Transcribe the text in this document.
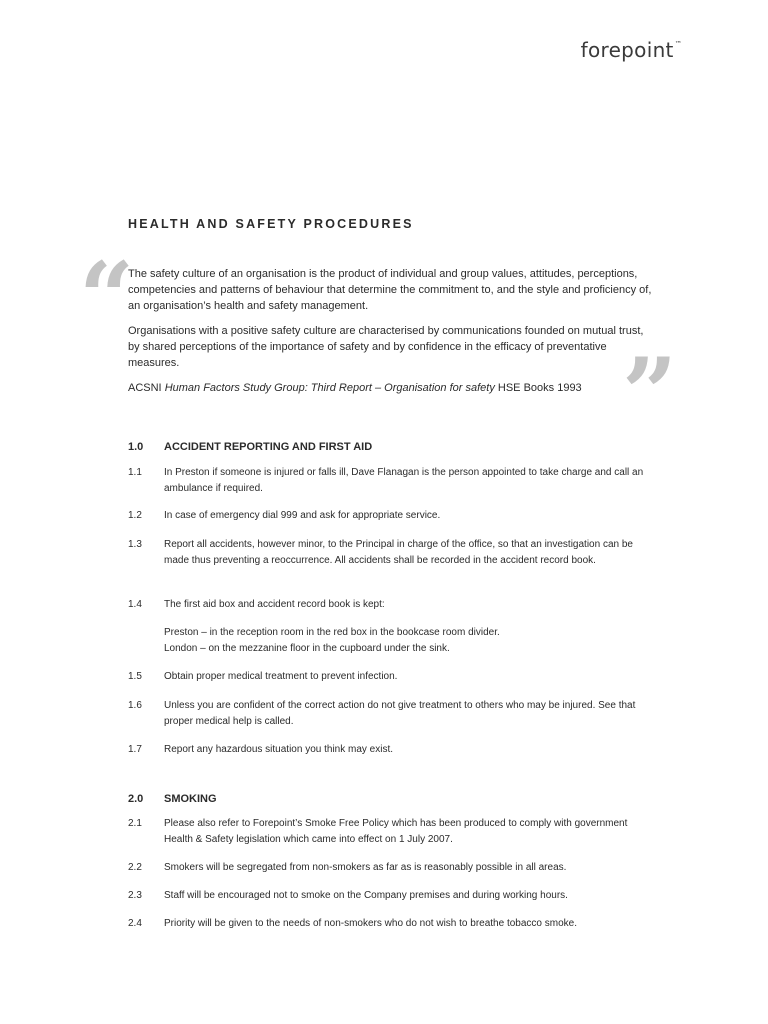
forepoint™
HEALTH AND SAFETY PROCEDURES
“
”

The safety culture of an organisation is the product of individual and group values, attitudes, perceptions, competencies and patterns of behaviour that determine the commitment to, and the style and proficiency of, an organisation’s health and safety management.

Organisations with a positive safety culture are characterised by communications founded on mutual trust, by shared perceptions of the importance of safety and by confidence in the efficacy of preventative measures.

ACSNI Human Factors Study Group: Third Report – Organisation for safety HSE Books 1993

1.0 ACCIDENT REPORTING AND FIRST AID
1.1 In Preston if someone is injured or falls ill, Dave Flanagan is the person appointed to take charge and call an ambulance if required.
1.2 In case of emergency dial 999 and ask for appropriate service.
1.3 Report all accidents, however minor, to the Principal in charge of the office, so that an investigation can be made thus preventing a reoccurrence. All accidents shall be recorded in the accident record book.
1.4 The first aid box and accident record book is kept:
Preston – in the reception room in the red box in the bookcase room divider.
London – on the mezzanine floor in the cupboard under the sink.
1.5 Obtain proper medical treatment to prevent infection.
1.6 Unless you are confident of the correct action do not give treatment to others who may be injured. See that proper medical help is called.
1.7 Report any hazardous situation you think may exist.
2.0 SMOKING
2.1 Please also refer to Forepoint’s Smoke Free Policy which has been produced to comply with government Health & Safety legislation which came into effect on 1 July 2007.
2.2 Smokers will be segregated from non-smokers as far as is reasonably possible in all areas.
2.3 Staff will be encouraged not to smoke on the Company premises and during working hours.
2.4 Priority will be given to the needs of non-smokers who do not wish to breathe tobacco smoke.
